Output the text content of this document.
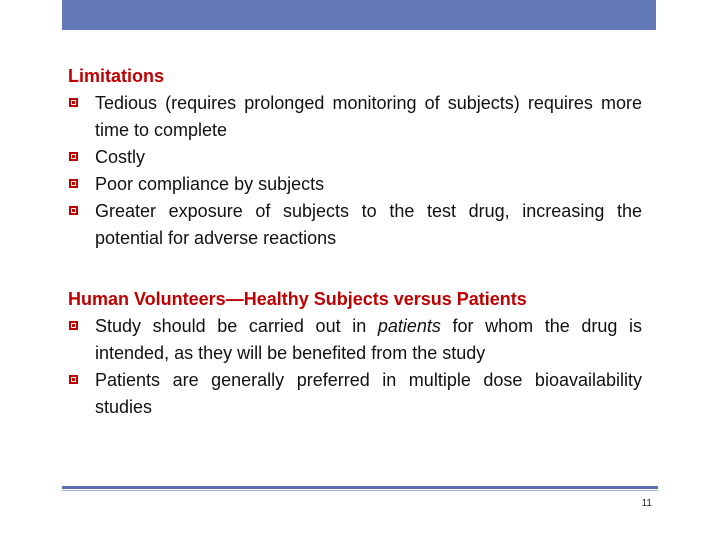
Limitations
Tedious (requires prolonged monitoring of subjects) requires more time to complete
Costly
Poor compliance by subjects
Greater exposure of subjects to the test drug, increasing the potential for adverse reactions
Human Volunteers—Healthy Subjects versus Patients
Study should be carried out in patients for whom the drug is intended, as they will be benefited from the study
Patients are generally preferred in multiple dose bioavailability studies
11
